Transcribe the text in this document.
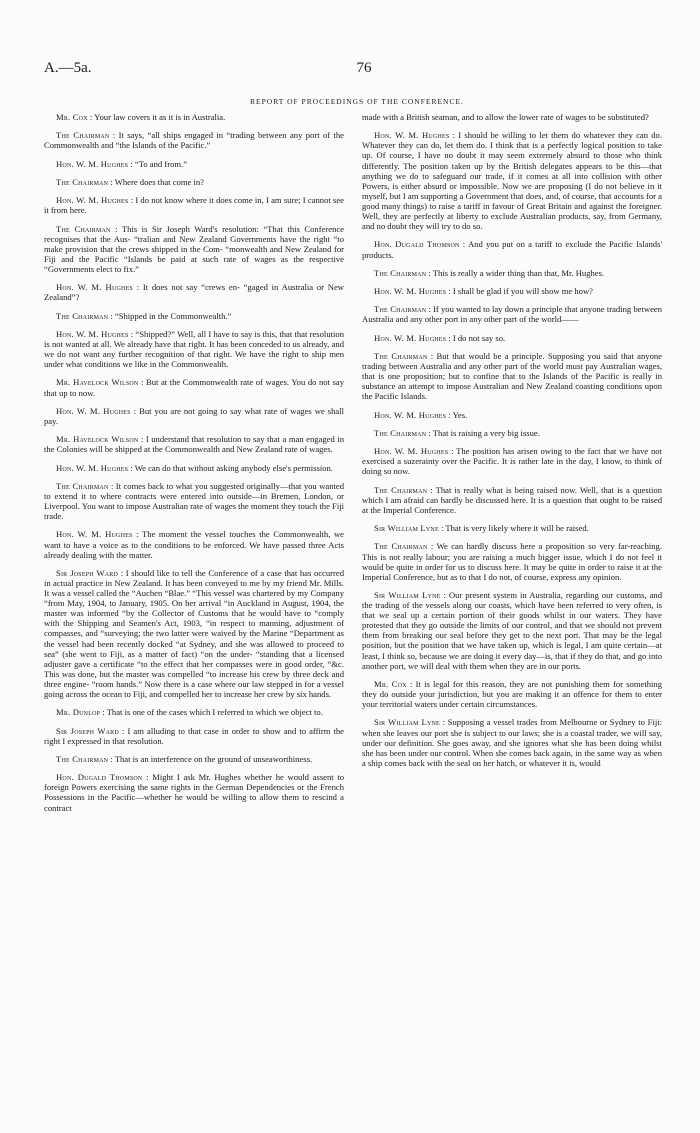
A.—5a.	76
REPORT OF PROCEEDINGS OF THE CONFERENCE.

Mr. Cox : Your law covers it as it is in Australia.

The Chairman : It says, “all ships engaged in “trading between any port of the Commonwealth and “the Islands of the Pacific.”

Hon. W. M. Hughes : “To and from.”

The Chairman : Where does that come in?

Hon. W. M. Hughes : I do not know where it does come in, I am sure; I cannot see it from here.

The Chairman : This is Sir Joseph Ward's resolution: “That this Conference recognises that the Aus- “tralian and New Zealand Governments have the right “to make provision that the crews shipped in the Com- “monwealth and New Zealand for Fiji and the Pacific “Islands be paid at such rate of wages as the respective “Governments elect to fix.”

Hon. W. M. Hughes : It does not say “crews en- “gaged in Australia or New Zealand”?

The Chairman : “Shipped in the Commonwealth.”

Hon. W. M. Hughes : “Shipped?” Well, all I have to say is this, that that resolution is not wanted at all. We already have that right. It has been conceded to us already, and we do not want any further recognition of that right. We have the right to ship men under what conditions we like in the Commonwealth.

Mr. Havelock Wilson : But at the Commonwealth rate of wages. You do not say that up to now.

Hon. W. M. Hughes : But you are not going to say what rate of wages we shall pay.

Mr. Havelock Wilson : I understand that resolution to say that a man engaged in the Colonies will be shipped at the Commonwealth and New Zealand rate of wages.

Hon. W. M. Hughes : We can do that without asking anybody else's permission.

The Chairman : It comes back to what you suggested originally—that you wanted to extend it to where contracts were entered into outside—in Bremen, London, or Liverpool. You want to impose Australian rate of wages the moment they touch the Fiji trade.

Hon. W. M. Hughes : The moment the vessel touches the Commonwealth, we want to have a voice as to the conditions to be enforced. We have passed three Acts already dealing with the matter.

Sir Joseph Ward : I should like to tell the Conference of a case that has occurred in actual practice in New Zealand. It has been conveyed to me by my friend Mr. Mills. It was a vessel called the “Auchen “Blae.” “This vessel was chartered by my Company “from May, 1904, to January, 1905. On her arrival “in Auckland in August, 1904, the master was informed “by the Collector of Customs that he would have to “comply with the Shipping and Seamen's Act, 1903, “in respect to manning, adjustment of compasses, and “surveying; the two latter were waived by the Marine “Department as the vessel had been recently docked “at Sydney, and she was allowed to proceed to sea” (she went to Fiji, as a matter of fact) “on the under- “standing that a licensed adjuster gave a certificate “to the effect that her compasses were in good order, “&c. This was done, but the master was compelled “to increase his crew by three deck and three engine- “room hands.” Now there is a case where our law stepped in for a vessel going across the ocean to Fiji, and compelled her to increase her crew by six hands.

Mr. Dunlop : That is one of the cases which I referred to which we object to.

Sir Joseph Ward : I am alluding to that case in order to show and to affirm the right I expressed in that resolution.

The Chairman : That is an interference on the ground of unseaworthiness.

Hon. Dugald Thomson : Might I ask Mr. Hughes whether he would assent to foreign Powers exercising the same rights in the German Dependencies or the French Possessions in the Pacific—whether he would be willing to allow them to rescind a contract

made with a British seaman, and to allow the lower rate of wages to be substituted?

Hon. W. M. Hughes : I should be willing to let them do whatever they can do. Whatever they can do, let them do. I think that is a perfectly logical position to take up. Of course, I have no doubt it may seem extremely absurd to those who think differently. The position taken up by the British delegates appears to be this—that anything we do to safeguard our trade, if it comes at all into collision with other Powers, is either absurd or impossible. Now we are proposing (I do not believe in it myself, but I am supporting a Government that does, and, of course, that accounts for a good many things) to raise a tariff in favour of Great Britain and against the foreigner. Well, they are perfectly at liberty to exclude Australian products, say, from Germany, and no doubt they will try to do so.

Hon. Dugald Thomson : And you put on a tariff to exclude the Pacific Islands' products.

The Chairman : This is really a wider thing than that, Mr. Hughes.

Hon. W. M. Hughes : I shall be glad if you will show me how?

The Chairman : If you wanted to lay down a principle that anyone trading between Australia and any other port in any other part of the world——

Hon. W. M. Hughes : I do not say so.

The Chairman : But that would be a principle. Supposing you said that anyone trading between Australia and any other part of the world must pay Australian wages, that is one proposition; but to confine that to the Islands of the Pacific is really in substance an attempt to impose Australian and New Zealand coasting conditions upon the Pacific Islands.

Hon. W. M. Hughes : Yes.

The Chairman : That is raising a very big issue.

Hon. W. M. Hughes : The position has arisen owing to the fact that we have not exercised a suzerainty over the Pacific. It is rather late in the day, I know, to think of doing so now.

The Chairman : That is really what is being raised now. Well, that is a question which I am afraid can hardly be discussed here. It is a question that ought to be raised at the Imperial Conference.

Sir William Lyne : That is very likely where it will be raised.

The Chairman : We can hardly discuss here a proposition so very far-reaching. This is not really labour; you are raising a much bigger issue, which I do not feel it would be quite in order for us to discuss here. It may be quite in order to raise it at the Imperial Conference, but as to that I do not, of course, express any opinion.

Sir William Lyne : Our present system in Australia, regarding our customs, and the trading of the vessels along our coasts, which have been referred to very often, is that we seal up a certain portion of their goods whilst in our waters. They have protested that they go outside the limits of our control, and that we should not prevent them from breaking our seal before they get to the next port. That may be the legal position, but the position that we have taken up, which is legal, I am quite certain—at least, I think so, because we are doing it every day—is, that if they do that, and go into another port, we will deal with them when they are in our ports.

Mr. Cox : It is legal for this reason, they are not punishing them for something they do outside your jurisdiction, but you are making it an offence for them to enter your territorial waters under certain circumstances.

Sir William Lyne : Supposing a vessel trades from Melbourne or Sydney to Fiji: when she leaves our port she is subject to our laws; she is a coastal trader, we will say, under our definition. She goes away, and she ignores what she has been doing whilst she has been under our control. When she comes back again, in the same way as when a ship comes back with the seal on her hatch, or whatever it is, would
